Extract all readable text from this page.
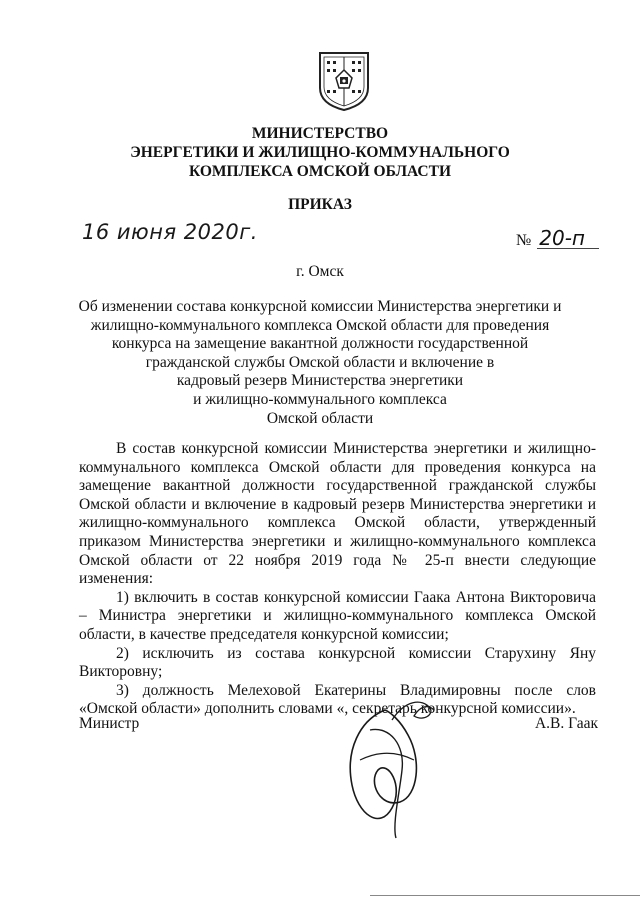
МИНИСТЕРСТВО
ЭНЕРГЕТИКИ И ЖИЛИЩНО-КОММУНАЛЬНОГО
КОМПЛЕКСА ОМСКОЙ ОБЛАСТИ
ПРИКАЗ
16 июня 2020г.	№ 20-п
г. Омск
Об изменении состава конкурсной комиссии Министерства энергетики и
жилищно-коммунального комплекса Омской области для проведения
конкурса на замещение вакантной должности государственной
гражданской службы Омской области и включение в
кадровый резерв Министерства энергетики
и жилищно-коммунального комплекса
Омской области

В состав конкурсной комиссии Министерства энергетики и жилищно-коммунального комплекса Омской области для проведения конкурса на замещение вакантной должности государственной гражданской службы Омской области и включение в кадровый резерв Министерства энергетики и жилищно-коммунального комплекса Омской области, утвержденный приказом Министерства энергетики и жилищно-коммунального комплекса Омской области от 22 ноября 2019 года № 25-п внести следующие изменения:

1) включить в состав конкурсной комиссии Гаака Антона Викторовича – Министра энергетики и жилищно-коммунального комплекса Омской области, в качестве председателя конкурсной комиссии;

2) исключить из состава конкурсной комиссии Старухину Яну Викторовну;

3) должность Мелеховой Екатерины Владимировны после слов «Омской области» дополнить словами «, секретарь конкурсной комиссии».

Министр	А.В. Гаак
